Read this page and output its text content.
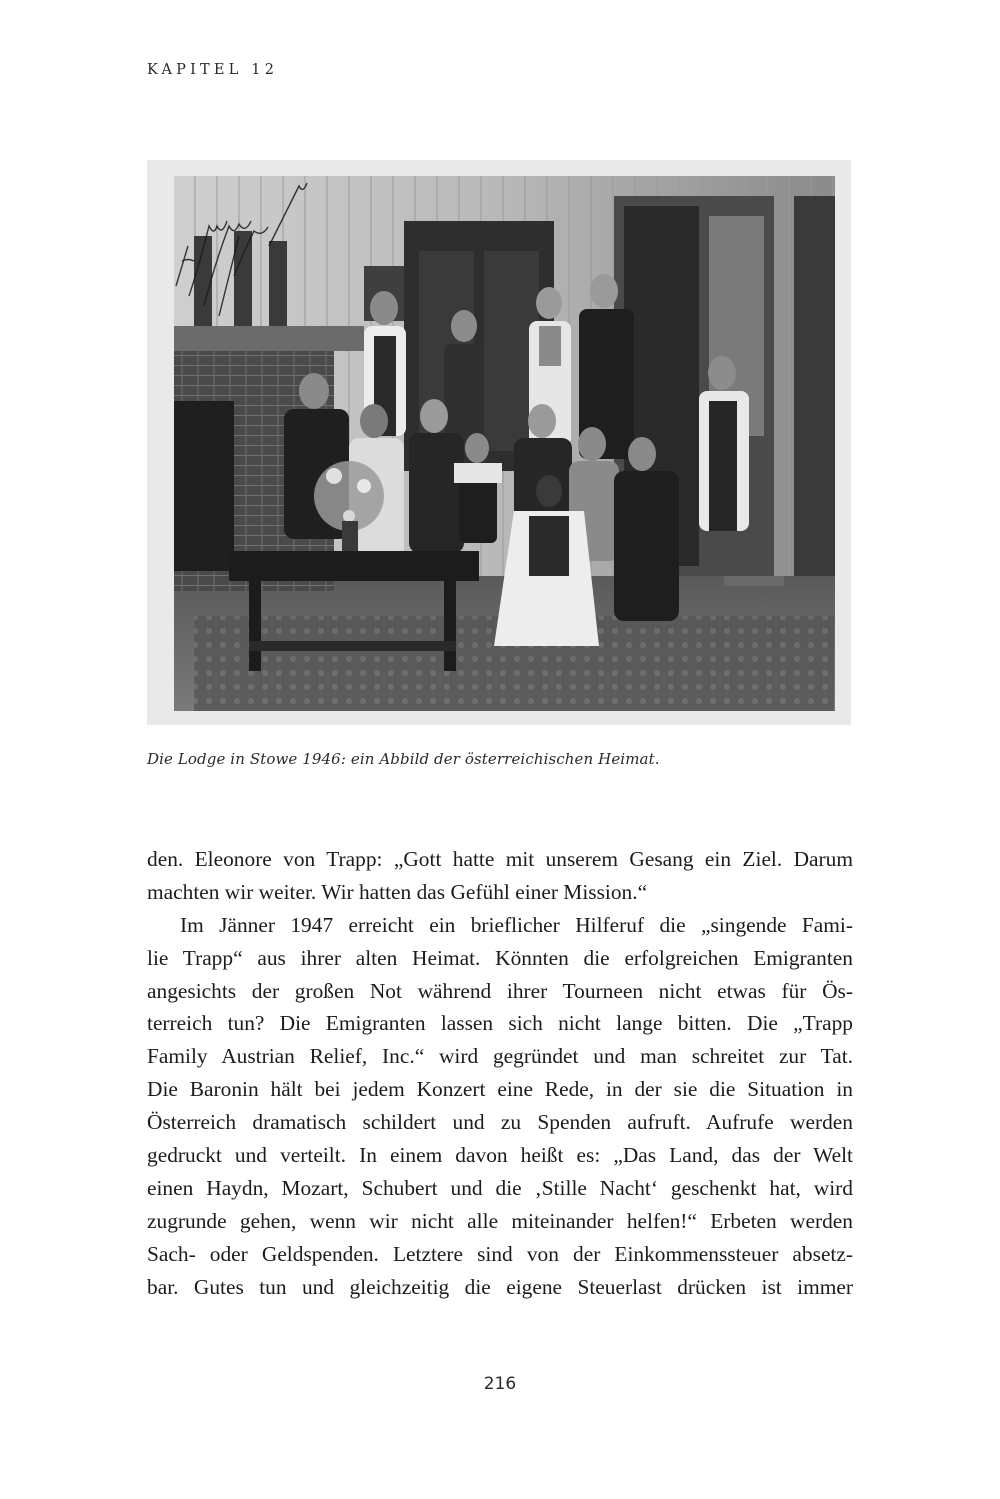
KAPITEL 12
Die Lodge in Stowe 1946: ein Abbild der österreichischen Heimat.
den. Eleonore von Trapp: „Gott hatte mit unserem Gesang ein Ziel. Darum
machten wir weiter. Wir hatten das Gefühl einer Mission.“
Im Jänner 1947 erreicht ein brieflicher Hilferuf die „singende Fami-
lie Trapp“ aus ihrer alten Heimat. Könnten die erfolgreichen Emigranten
angesichts der großen Not während ihrer Tourneen nicht etwas für Ös-
terreich tun? Die Emigranten lassen sich nicht lange bitten. Die „Trapp
Family Austrian Relief, Inc.“ wird gegründet und man schreitet zur Tat.
Die Baronin hält bei jedem Konzert eine Rede, in der sie die Situation in
Österreich dramatisch schildert und zu Spenden aufruft. Aufrufe werden
gedruckt und verteilt. In einem davon heißt es: „Das Land, das der Welt
einen Haydn, Mozart, Schubert und die ‚Stille Nacht‘ geschenkt hat, wird
zugrunde gehen, wenn wir nicht alle miteinander helfen!“ Erbeten werden
Sach- oder Geldspenden. Letztere sind von der Einkommenssteuer absetz-
bar. Gutes tun und gleichzeitig die eigene Steuerlast drücken ist immer
216
